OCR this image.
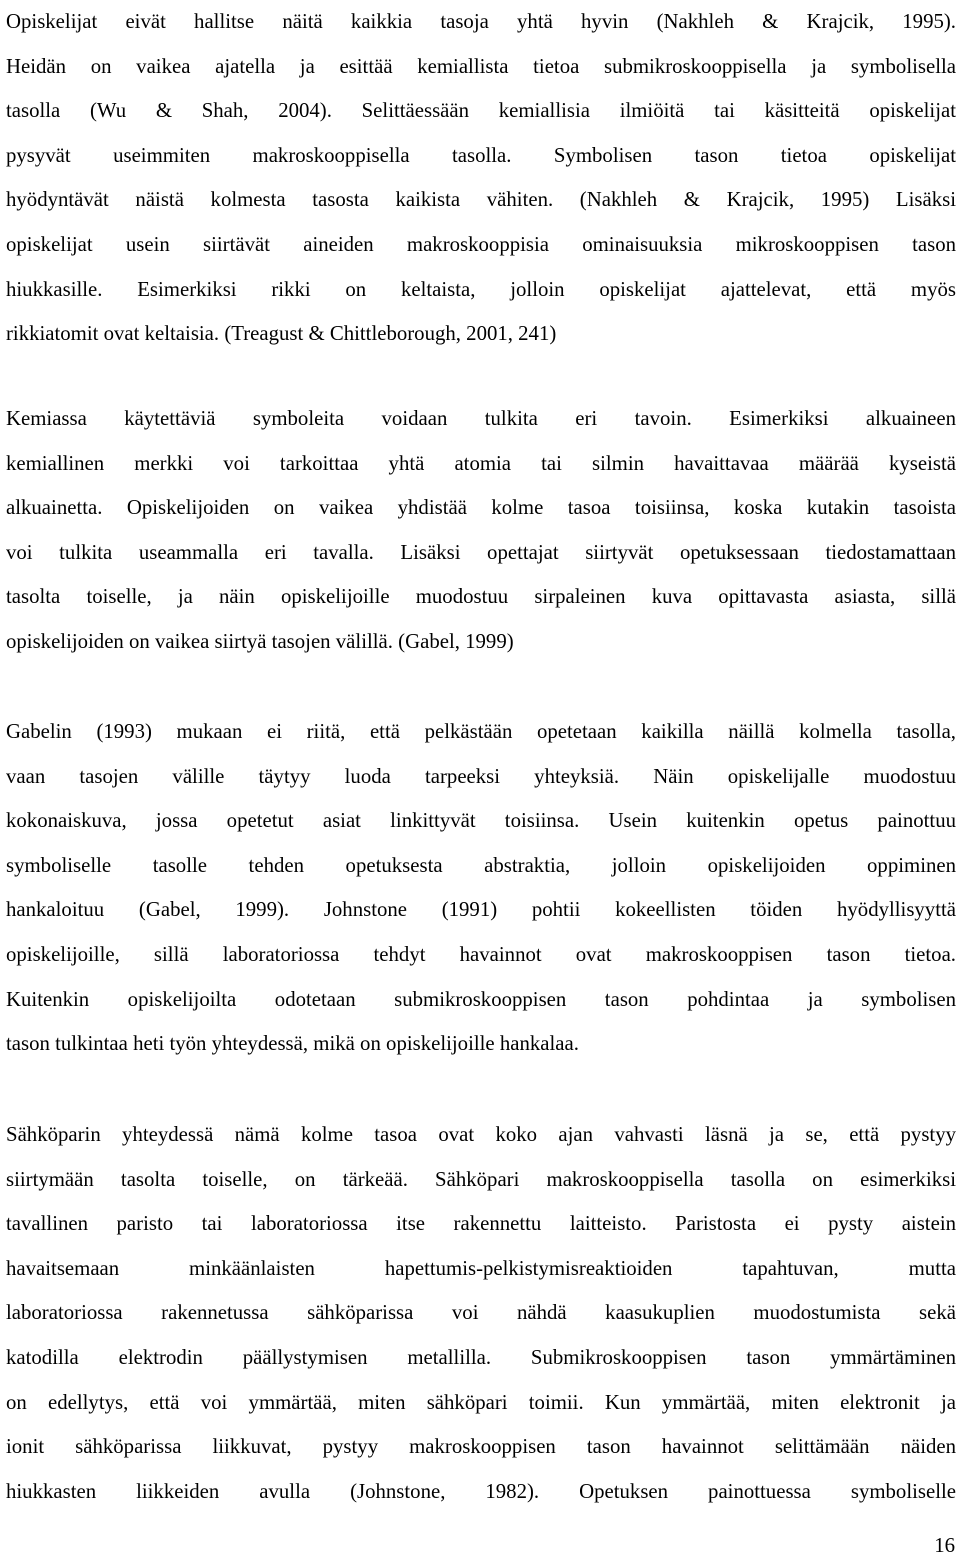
Opiskelijat eivät hallitse näitä kaikkia tasoja yhtä hyvin (Nakhleh & Krajcik, 1995).
Heidän on vaikea ajatella ja esittää kemiallista tietoa submikroskooppisella ja symbolisella
tasolla (Wu & Shah, 2004). Selittäessään kemiallisia ilmiöitä tai käsitteitä opiskelijat
pysyvät useimmiten makroskooppisella tasolla. Symbolisen tason tietoa opiskelijat
hyödyntävät näistä kolmesta tasosta kaikista vähiten. (Nakhleh & Krajcik, 1995) Lisäksi
opiskelijat usein siirtävät aineiden makroskooppisia ominaisuuksia mikroskooppisen tason
hiukkasille. Esimerkiksi rikki on keltaista, jolloin opiskelijat ajattelevat, että myös
rikkiatomit ovat keltaisia. (Treagust & Chittleborough, 2001, 241)
Kemiassa käytettäviä symboleita voidaan tulkita eri tavoin. Esimerkiksi alkuaineen
kemiallinen merkki voi tarkoittaa yhtä atomia tai silmin havaittavaa määrää kyseistä
alkuainetta. Opiskelijoiden on vaikea yhdistää kolme tasoa toisiinsa, koska kutakin tasoista
voi tulkita useammalla eri tavalla. Lisäksi opettajat siirtyvät opetuksessaan tiedostamattaan
tasolta toiselle, ja näin opiskelijoille muodostuu sirpaleinen kuva opittavasta asiasta, sillä
opiskelijoiden on vaikea siirtyä tasojen välillä. (Gabel, 1999)
Gabelin (1993) mukaan ei riitä, että pelkästään opetetaan kaikilla näillä kolmella tasolla,
vaan tasojen välille täytyy luoda tarpeeksi yhteyksiä. Näin opiskelijalle muodostuu
kokonaiskuva, jossa opetetut asiat linkittyvät toisiinsa. Usein kuitenkin opetus painottuu
symboliselle tasolle tehden opetuksesta abstraktia, jolloin opiskelijoiden oppiminen
hankaloituu (Gabel, 1999). Johnstone (1991) pohtii kokeellisten töiden hyödyllisyyttä
opiskelijoille, sillä laboratoriossa tehdyt havainnot ovat makroskooppisen tason tietoa.
Kuitenkin opiskelijoilta odotetaan submikroskooppisen tason pohdintaa ja symbolisen
tason tulkintaa heti työn yhteydessä, mikä on opiskelijoille hankalaa.
Sähköparin yhteydessä nämä kolme tasoa ovat koko ajan vahvasti läsnä ja se, että pystyy
siirtymään tasolta toiselle, on tärkeää. Sähköpari makroskooppisella tasolla on esimerkiksi
tavallinen paristo tai laboratoriossa itse rakennettu laitteisto. Paristosta ei pysty aistein
havaitsemaan minkäänlaisten hapettumis-pelkistymisreaktioiden tapahtuvan, mutta
laboratoriossa rakennetussa sähköparissa voi nähdä kaasukuplien muodostumista sekä
katodilla elektrodin päällystymisen metallilla. Submikroskooppisen tason ymmärtäminen
on edellytys, että voi ymmärtää, miten sähköpari toimii. Kun ymmärtää, miten elektronit ja
ionit sähköparissa liikkuvat, pystyy makroskooppisen tason havainnot selittämään näiden
hiukkasten liikkeiden avulla (Johnstone, 1982). Opetuksen painottuessa symboliselle
16
